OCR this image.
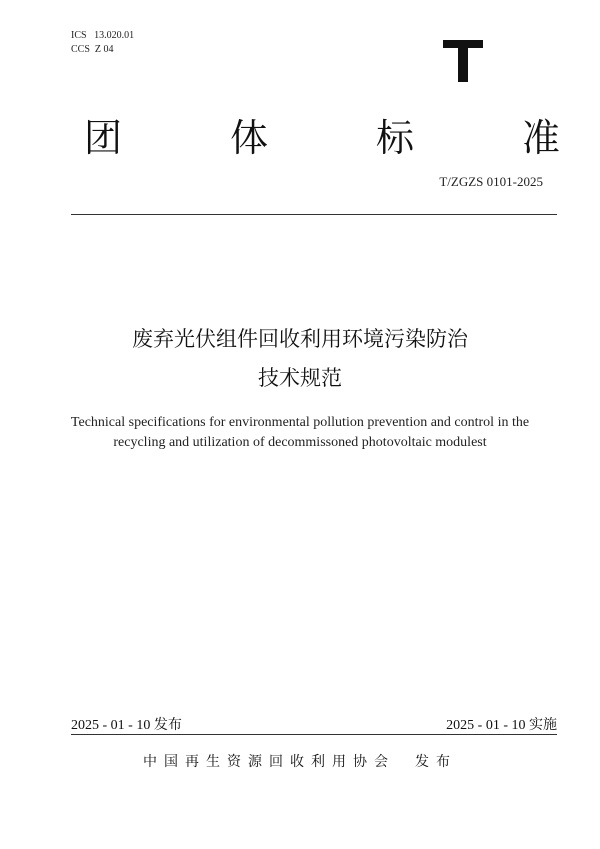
ICS 13.020.01
CCS Z 04
团	体	标	准
T/ZGZS 0101-2025
废弃光伏组件回收利用环境污染防治
技术规范
Technical specifications for environmental pollution prevention and control in the
recycling and utilization of decommissoned photovoltaic modulest
2025 - 01 - 10 发布	2025 - 01 - 10 实施
中国再生资源回收利用协会 发布
